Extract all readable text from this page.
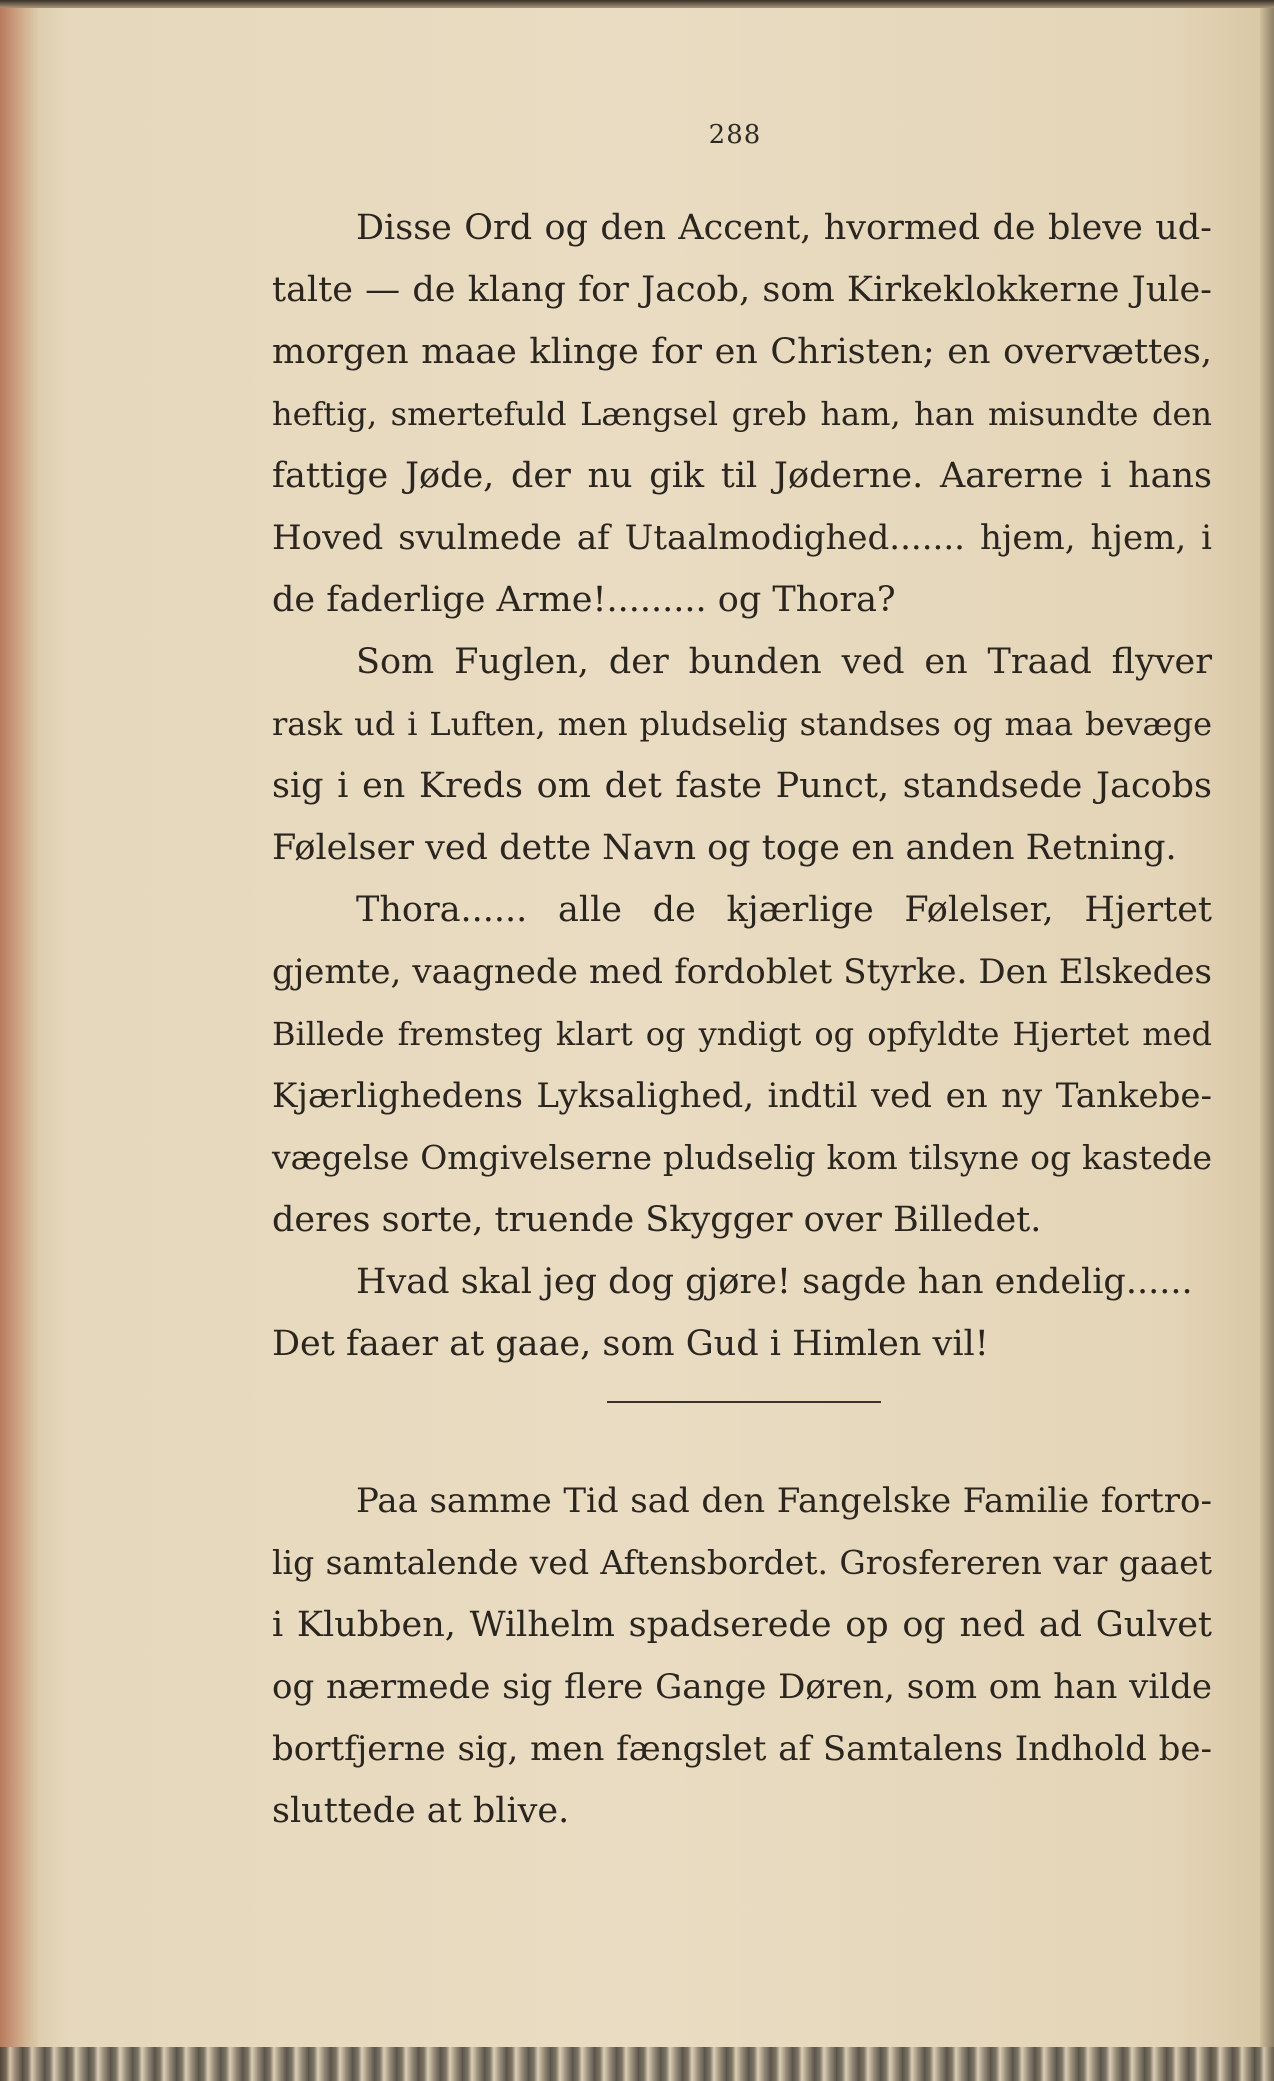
288
Disse Ord og den Accent, hvormed de bleve ud-
talte — de klang for Jacob, som Kirkeklokkerne Jule-
morgen maae klinge for en Christen; en overvættes,
heftig, smertefuld Længsel greb ham, han misundte den
fattige Jøde, der nu gik til Jøderne. Aarerne i hans
Hoved svulmede af Utaalmodighed....... hjem, hjem, i
de faderlige Arme!......... og Thora?
Som Fuglen, der bunden ved en Traad flyver
rask ud i Luften, men pludselig standses og maa bevæge
sig i en Kreds om det faste Punct, standsede Jacobs
Følelser ved dette Navn og toge en anden Retning.
Thora...... alle de kjærlige Følelser, Hjertet
gjemte, vaagnede med fordoblet Styrke. Den Elskedes
Billede fremsteg klart og yndigt og opfyldte Hjertet med
Kjærlighedens Lyksalighed, indtil ved en ny Tankebe-
vægelse Omgivelserne pludselig kom tilsyne og kastede
deres sorte, truende Skygger over Billedet.
Hvad skal jeg dog gjøre! sagde han endelig......
Det faaer at gaae, som Gud i Himlen vil!
Paa samme Tid sad den Fangelske Familie fortro-
lig samtalende ved Aftensbordet. Grosfereren var gaaet
i Klubben, Wilhelm spadserede op og ned ad Gulvet
og nærmede sig flere Gange Døren, som om han vilde
bortfjerne sig, men fængslet af Samtalens Indhold be-
sluttede at blive.
